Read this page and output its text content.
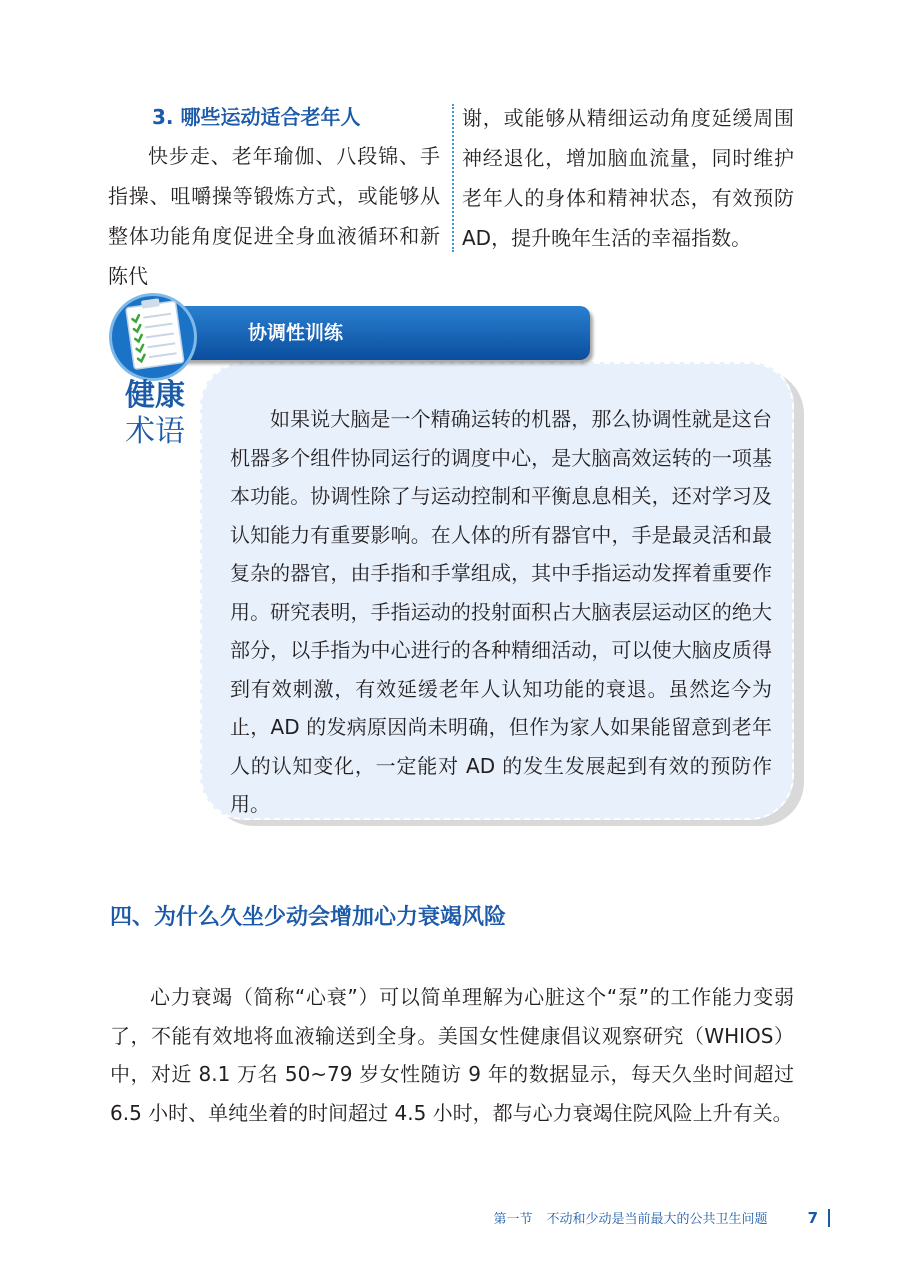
3. 哪些运动适合老年人

快步走、老年瑜伽、八段锦、手指操、咀嚼操等锻炼方式，或能够从整体功能角度促进全身血液循环和新陈代

谢，或能够从精细运动角度延缓周围神经退化，增加脑血流量，同时维护老年人的身体和精神状态，有效预防AD，提升晚年生活的幸福指数。

如果说大脑是一个精确运转的机器，那么协调性就是这台机器多个组件协同运行的调度中心，是大脑高效运转的一项基本功能。协调性除了与运动控制和平衡息息相关，还对学习及认知能力有重要影响。在人体的所有器官中，手是最灵活和最复杂的器官，由手指和手掌组成，其中手指运动发挥着重要作用。研究表明，手指运动的投射面积占大脑表层运动区的绝大部分，以手指为中心进行的各种精细活动，可以使大脑皮质得到有效刺激，有效延缓老年人认知功能的衰退。虽然迄今为止，AD 的发病原因尚未明确，但作为家人如果能留意到老年人的认知变化，一定能对 AD 的发生发展起到有效的预防作用。

协调性训练
健康
术语
四、为什么久坐少动会增加心力衰竭风险

心力衰竭（简称“心衰”）可以简单理解为心脏这个“泵”的工作能力变弱了，不能有效地将血液输送到全身。美国女性健康倡议观察研究（WHIOS）中，对近 8.1 万名 50~79 岁女性随访 9 年的数据显示，每天久坐时间超过 6.5 小时、单纯坐着的时间超过 4.5 小时，都与心力衰竭住院风险上升有关。

第一节 不动和少动是当前最大的公共卫生问题	7
